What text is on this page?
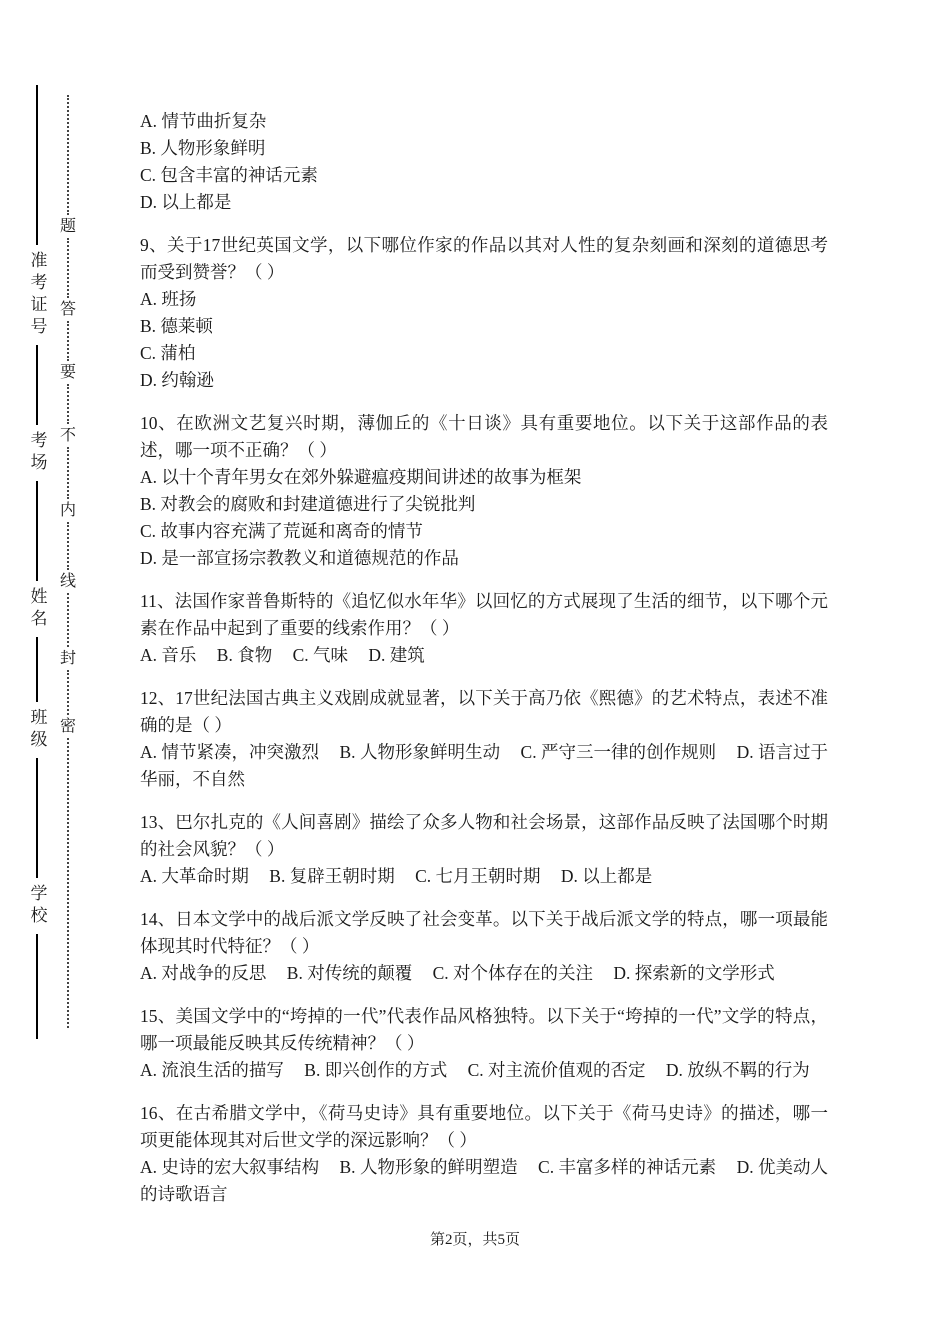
准考证号
考场
姓名
班级
学校
题
答
要
不
内
线
封
密
A. 情节曲折复杂
B. 人物形象鲜明
C. 包含丰富的神话元素
D. 以上都是
9、关于17世纪英国文学，以下哪位作家的作品以其对人性的复杂刻画和深刻的道德思考而受到赞誉？（ ）
A. 班扬
B. 德莱顿
C. 蒲柏
D. 约翰逊
10、在欧洲文艺复兴时期，薄伽丘的《十日谈》具有重要地位。以下关于这部作品的表述，哪一项不正确？（ ）
A. 以十个青年男女在郊外躲避瘟疫期间讲述的故事为框架
B. 对教会的腐败和封建道德进行了尖锐批判
C. 故事内容充满了荒诞和离奇的情节
D. 是一部宣扬宗教教义和道德规范的作品
11、法国作家普鲁斯特的《追忆似水年华》以回忆的方式展现了生活的细节，以下哪个元素在作品中起到了重要的线索作用？（ ）
A. 音乐 B. 食物 C. 气味 D. 建筑
12、17世纪法国古典主义戏剧成就显著，以下关于高乃依《熙德》的艺术特点，表述不准确的是（ ）
A. 情节紧凑，冲突激烈 B. 人物形象鲜明生动 C. 严守三一律的创作规则 D. 语言过于华丽，不自然
13、巴尔扎克的《人间喜剧》描绘了众多人物和社会场景，这部作品反映了法国哪个时期的社会风貌？（ ）
A. 大革命时期 B. 复辟王朝时期 C. 七月王朝时期 D. 以上都是
14、日本文学中的战后派文学反映了社会变革。以下关于战后派文学的特点，哪一项最能体现其时代特征？（ ）
A. 对战争的反思 B. 对传统的颠覆 C. 对个体存在的关注 D. 探索新的文学形式
15、美国文学中的“垮掉的一代”代表作品风格独特。以下关于“垮掉的一代”文学的特点，哪一项最能反映其反传统精神？（ ）
A. 流浪生活的描写 B. 即兴创作的方式 C. 对主流价值观的否定 D. 放纵不羁的行为
16、在古希腊文学中，《荷马史诗》具有重要地位。以下关于《荷马史诗》的描述，哪一项更能体现其对后世文学的深远影响？（ ）
A. 史诗的宏大叙事结构 B. 人物形象的鲜明塑造 C. 丰富多样的神话元素 D. 优美动人的诗歌语言
第2页，共5页
